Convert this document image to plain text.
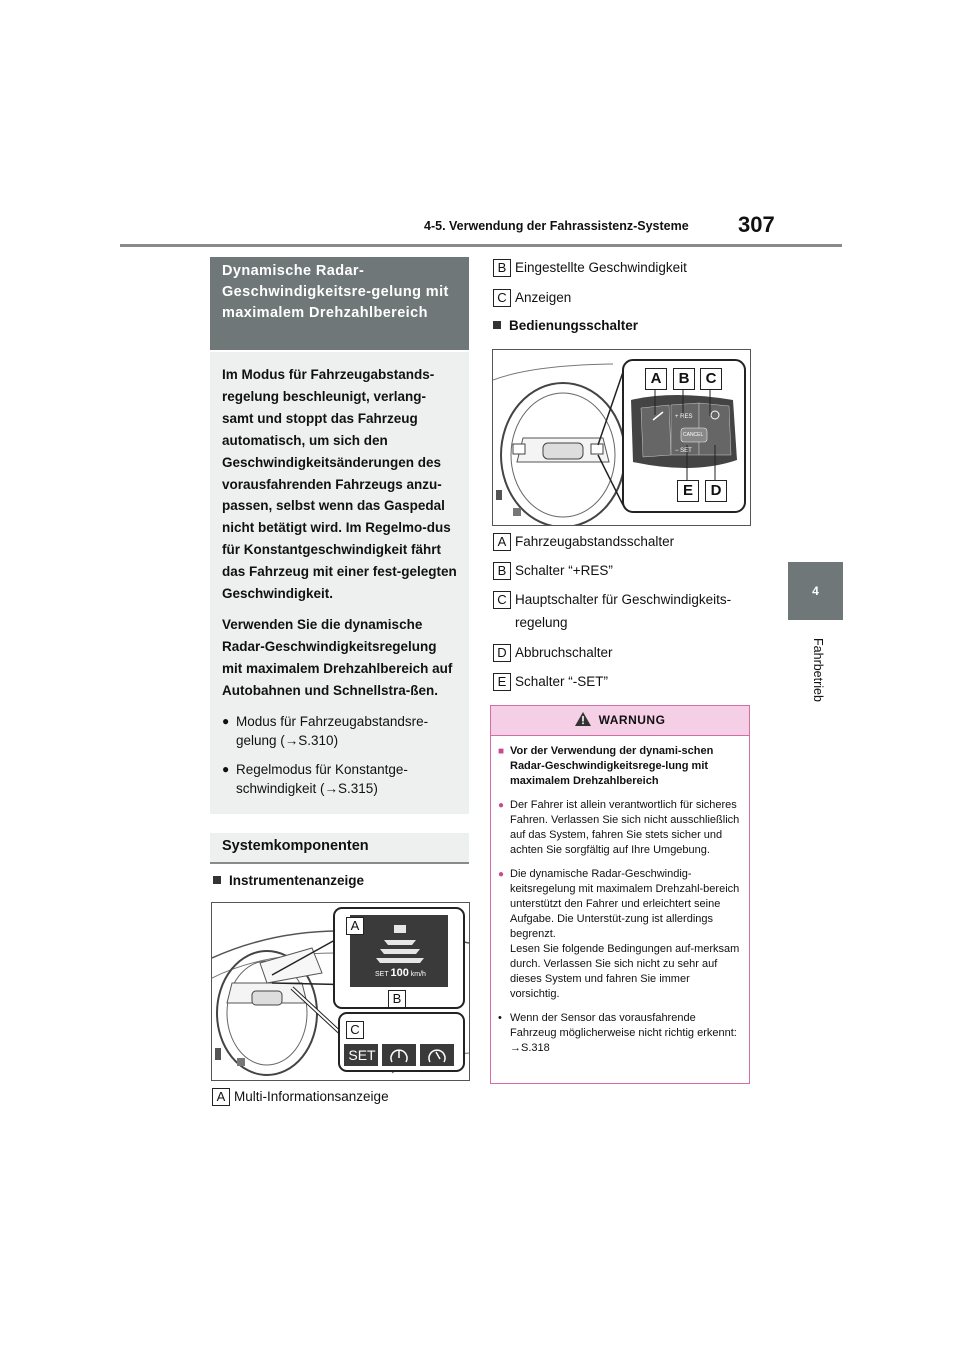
4-5. Verwendung der Fahrassistenz-Systeme 307
4
Fahrbetrieb
Dynamische Radar-Geschwindigkeitsre-gelung mit maximalem Drehzahlbereich

Im Modus für Fahrzeugabstands-regelung beschleunigt, verlang-samt und stoppt das Fahrzeug automatisch, um sich den Geschwindigkeitsänderungen des vorausfahrenden Fahrzeugs anzu-passen, selbst wenn das Gaspedal nicht betätigt wird. Im Regelmo-dus für Konstantgeschwindigkeit fährt das Fahrzeug mit einer fest-gelegten Geschwindigkeit.

Verwenden Sie die dynamische Radar-Geschwindigkeitsregelung mit maximalem Drehzahlbereich auf Autobahnen und Schnellstra-ßen.

● Modus für Fahrzeugabstandsre-gelung (→S.310)
● Regelmodus für Konstantge-schwindigkeit (→S.315)
Systemkomponenten
Instrumentenanzeige
SET 100 km/h
SET
A
B
C
A Multi-Informationsanzeige
B Eingestellte Geschwindigkeit
C Anzeigen
Bedienungsschalter
+ RES
CANCEL
− SET
A	B	C
E	D
A Fahrzeugabstandsschalter
B Schalter “+RES”
C Hauptschalter für Geschwindigkeits-regelung
D Abbruchschalter
E Schalter “-SET”
WARNUNG
■ Vor der Verwendung der dynami-schen Radar-Geschwindigkeitsrege-lung mit maximalem Drehzahlbereich
● Der Fahrer ist allein verantwortlich für sicheres Fahren. Verlassen Sie sich nicht ausschließlich auf das System, fahren Sie stets sicher und achten Sie sorgfältig auf Ihre Umgebung.
● Die dynamische Radar-Geschwindig-keitsregelung mit maximalem Drehzahl-bereich unterstützt den Fahrer und erleichtert seine Aufgabe. Die Unterstüt-zung ist allerdings begrenzt.
Lesen Sie folgende Bedingungen auf-merksam durch. Verlassen Sie sich nicht zu sehr auf dieses System und fahren Sie immer vorsichtig.
• Wenn der Sensor das vorausfahrende Fahrzeug möglicherweise nicht richtig erkennt: →S.318
